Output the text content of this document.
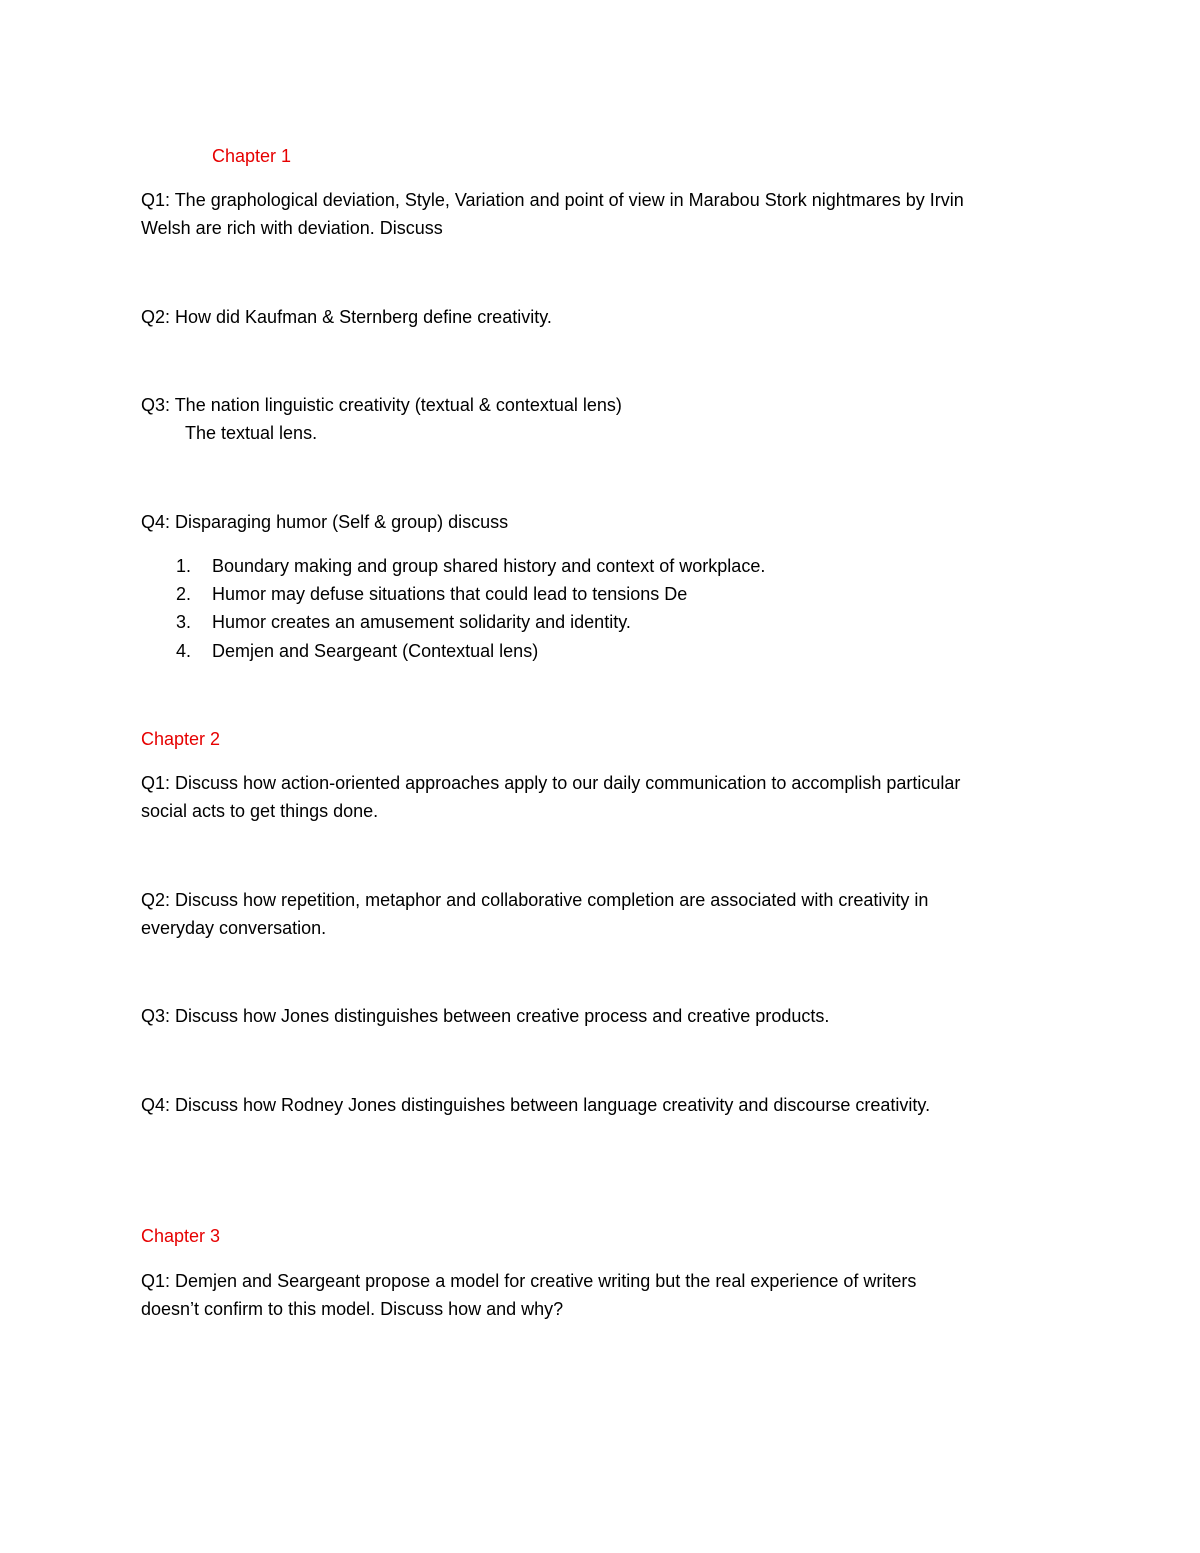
Chapter 1
Q1: The graphological deviation, Style, Variation and point of view in Marabou Stork nightmares by Irvin
Welsh are rich with deviation. Discuss
Q2: How did Kaufman & Sternberg define creativity.
Q3: The nation linguistic creativity (textual & contextual lens)
The textual lens.
Q4: Disparaging humor (Self & group) discuss
1. Boundary making and group shared history and context of workplace.
2. Humor may defuse situations that could lead to tensions De
3. Humor creates an amusement solidarity and identity.
4. Demjen and Seargeant (Contextual lens)
Chapter 2
Q1: Discuss how action-oriented approaches apply to our daily communication to accomplish particular
social acts to get things done.
Q2: Discuss how repetition, metaphor and collaborative completion are associated with creativity in
everyday conversation.
Q3: Discuss how Jones distinguishes between creative process and creative products.
Q4: Discuss how Rodney Jones distinguishes between language creativity and discourse creativity.
Chapter 3
Q1: Demjen and Seargeant propose a model for creative writing but the real experience of writers
doesn’t confirm to this model. Discuss how and why?
